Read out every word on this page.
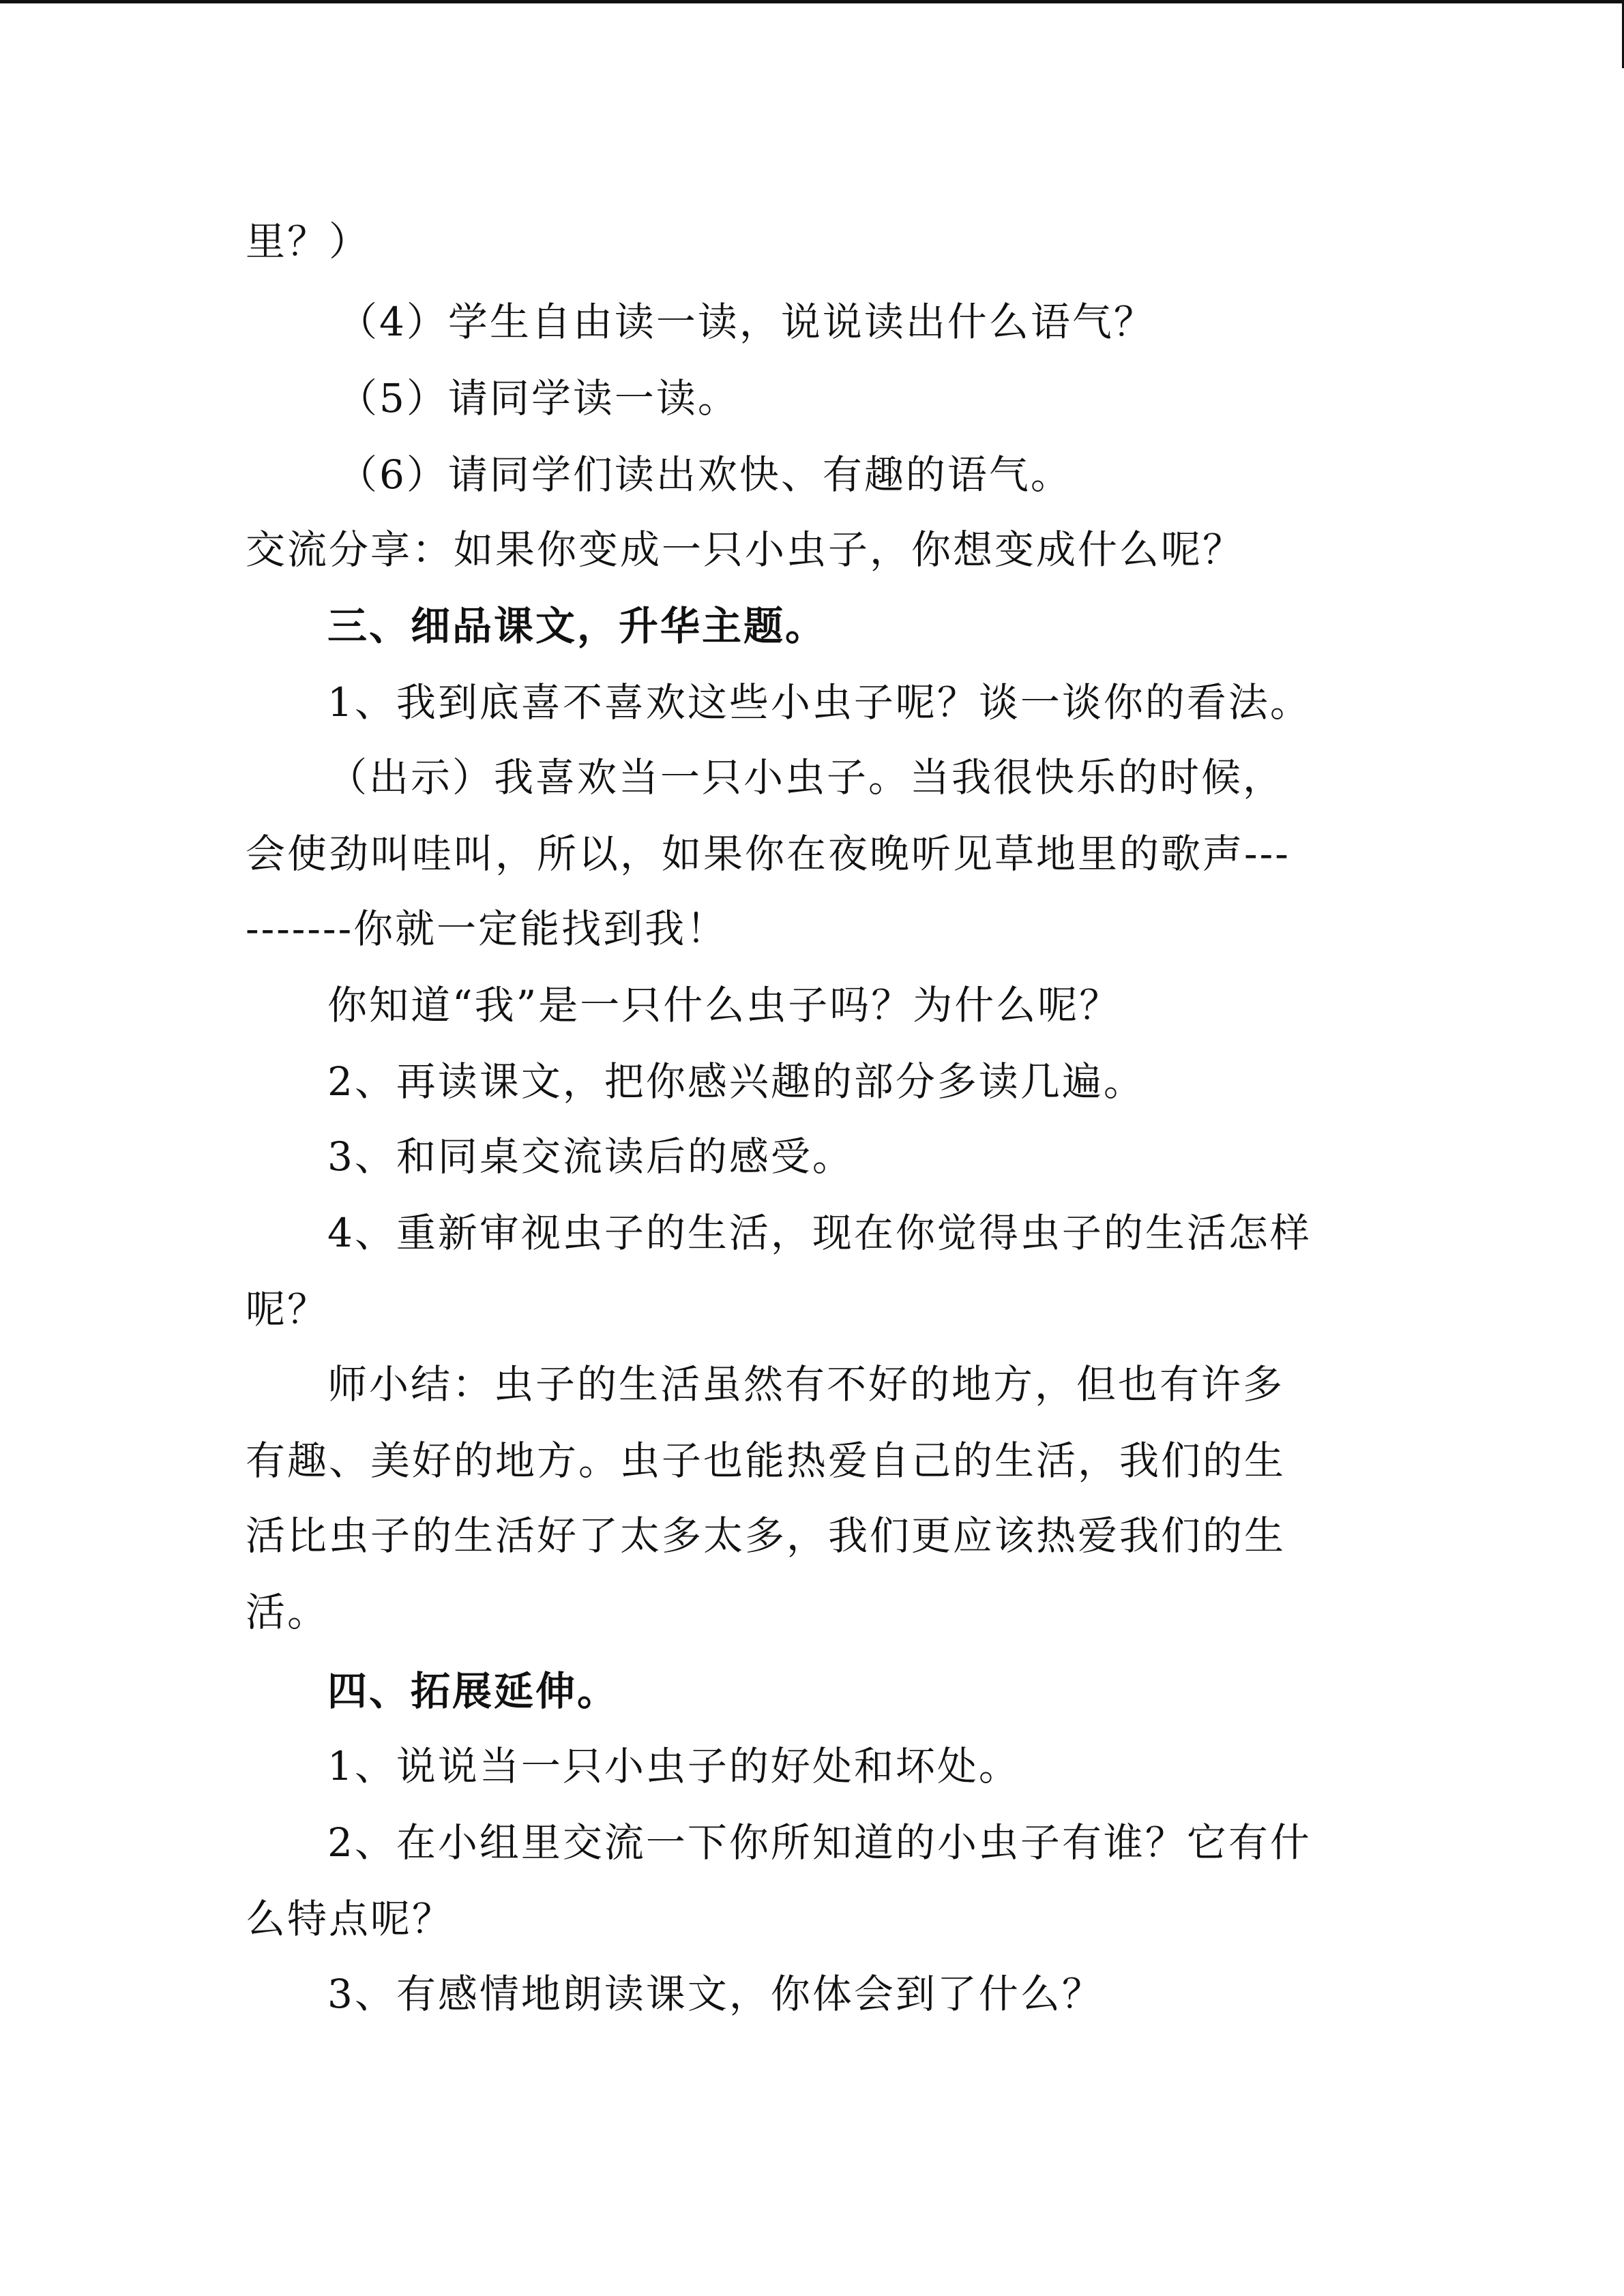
里？）
（4）学生自由读一读，说说读出什么语气？
（5）请同学读一读。
（6）请同学们读出欢快、有趣的语气。
交流分享：如果你变成一只小虫子，你想变成什么呢？
三、细品课文，升华主题。
1、我到底喜不喜欢这些小虫子呢？谈一谈你的看法。
（出示）我喜欢当一只小虫子。当我很快乐的时候，
会使劲叫哇叫，所以，如果你在夜晚听见草地里的歌声---
-------你就一定能找到我！
你知道“我”是一只什么虫子吗？为什么呢？
2、再读课文，把你感兴趣的部分多读几遍。
3、和同桌交流读后的感受。
4、重新审视虫子的生活，现在你觉得虫子的生活怎样
呢？
师小结：虫子的生活虽然有不好的地方，但也有许多
有趣、美好的地方。虫子也能热爱自己的生活，我们的生
活比虫子的生活好了太多太多，我们更应该热爱我们的生
活。
四、拓展延伸。
1、说说当一只小虫子的好处和坏处。
2、在小组里交流一下你所知道的小虫子有谁？它有什
么特点呢？
3、有感情地朗读课文，你体会到了什么？
